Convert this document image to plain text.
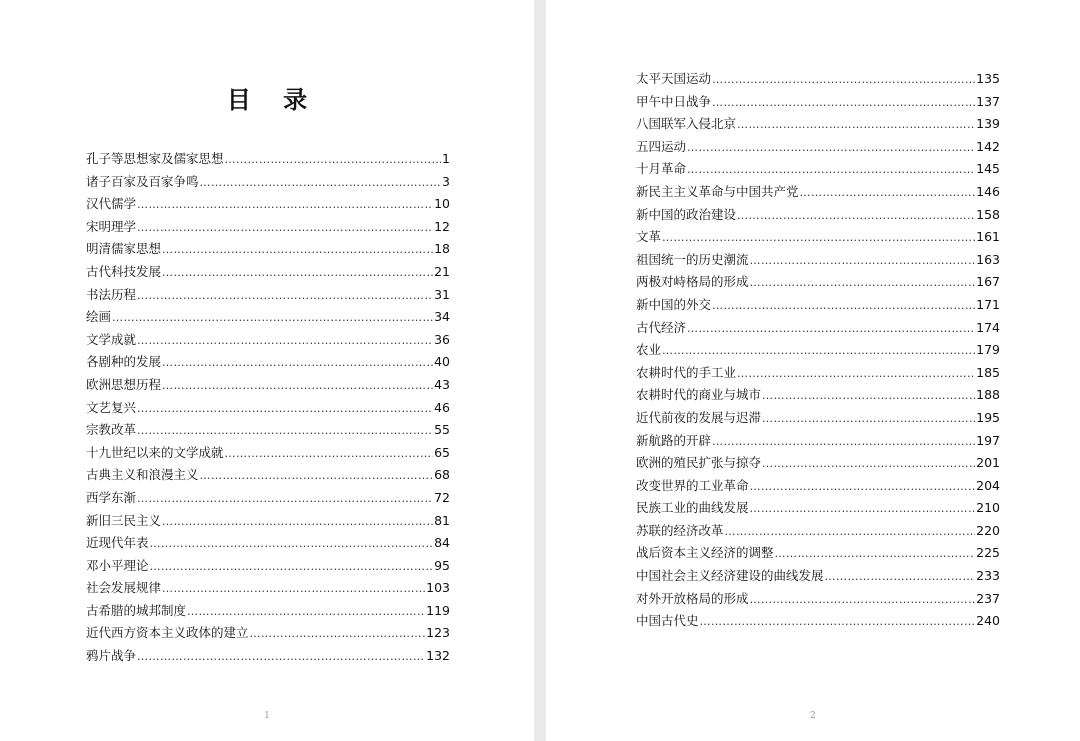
目 录
孔子等思想家及儒家思想 ………………………………………………………………………………………………………………………………………………………………………………	1
诸子百家及百家争鸣 ………………………………………………………………………………………………………………………………………………………………………………	3
汉代儒学 ………………………………………………………………………………………………………………………………………………………………………………	10
宋明理学 ………………………………………………………………………………………………………………………………………………………………………………	12
明清儒家思想 ………………………………………………………………………………………………………………………………………………………………………………	18
古代科技发展 ………………………………………………………………………………………………………………………………………………………………………………	21
书法历程 ………………………………………………………………………………………………………………………………………………………………………………	31
绘画 ………………………………………………………………………………………………………………………………………………………………………………	34
文学成就 ………………………………………………………………………………………………………………………………………………………………………………	36
各剧种的发展 ………………………………………………………………………………………………………………………………………………………………………………	40
欧洲思想历程 ………………………………………………………………………………………………………………………………………………………………………………	43
文艺复兴 ………………………………………………………………………………………………………………………………………………………………………………	46
宗教改革 ………………………………………………………………………………………………………………………………………………………………………………	55
十九世纪以来的文学成就 ………………………………………………………………………………………………………………………………………………………………………………	65
古典主义和浪漫主义 ………………………………………………………………………………………………………………………………………………………………………………	68
西学东渐 ………………………………………………………………………………………………………………………………………………………………………………	72
新旧三民主义 ………………………………………………………………………………………………………………………………………………………………………………	81
近现代年表 ………………………………………………………………………………………………………………………………………………………………………………	84
邓小平理论 ………………………………………………………………………………………………………………………………………………………………………………	95
社会发展规律 ………………………………………………………………………………………………………………………………………………………………………………	103
古希腊的城邦制度 ………………………………………………………………………………………………………………………………………………………………………………	119
近代西方资本主义政体的建立 ………………………………………………………………………………………………………………………………………………………………………………	123
鸦片战争 ………………………………………………………………………………………………………………………………………………………………………………	132
1
太平天国运动 ………………………………………………………………………………………………………………………………………………………………………………	135
甲午中日战争 ………………………………………………………………………………………………………………………………………………………………………………	137
八国联军入侵北京 ………………………………………………………………………………………………………………………………………………………………………………	139
五四运动 ………………………………………………………………………………………………………………………………………………………………………………	142
十月革命 ………………………………………………………………………………………………………………………………………………………………………………	145
新民主主义革命与中国共产党 ………………………………………………………………………………………………………………………………………………………………………………	146
新中国的政治建设 ………………………………………………………………………………………………………………………………………………………………………………	158
文革 ………………………………………………………………………………………………………………………………………………………………………………	161
祖国统一的历史潮流 ………………………………………………………………………………………………………………………………………………………………………………	163
两极对峙格局的形成 ………………………………………………………………………………………………………………………………………………………………………………	167
新中国的外交 ………………………………………………………………………………………………………………………………………………………………………………	171
古代经济 ………………………………………………………………………………………………………………………………………………………………………………	174
农业 ………………………………………………………………………………………………………………………………………………………………………………	179
农耕时代的手工业 ………………………………………………………………………………………………………………………………………………………………………………	185
农耕时代的商业与城市 ………………………………………………………………………………………………………………………………………………………………………………	188
近代前夜的发展与迟滞 ………………………………………………………………………………………………………………………………………………………………………………	195
新航路的开辟 ………………………………………………………………………………………………………………………………………………………………………………	197
欧洲的殖民扩张与掠夺 ………………………………………………………………………………………………………………………………………………………………………………	201
改变世界的工业革命 ………………………………………………………………………………………………………………………………………………………………………………	204
民族工业的曲线发展 ………………………………………………………………………………………………………………………………………………………………………………	210
苏联的经济改革 ………………………………………………………………………………………………………………………………………………………………………………	220
战后资本主义经济的调整 ………………………………………………………………………………………………………………………………………………………………………………	225
中国社会主义经济建设的曲线发展 ………………………………………………………………………………………………………………………………………………………………………………	233
对外开放格局的形成 ………………………………………………………………………………………………………………………………………………………………………………	237
中国古代史 ………………………………………………………………………………………………………………………………………………………………………………	240
2
